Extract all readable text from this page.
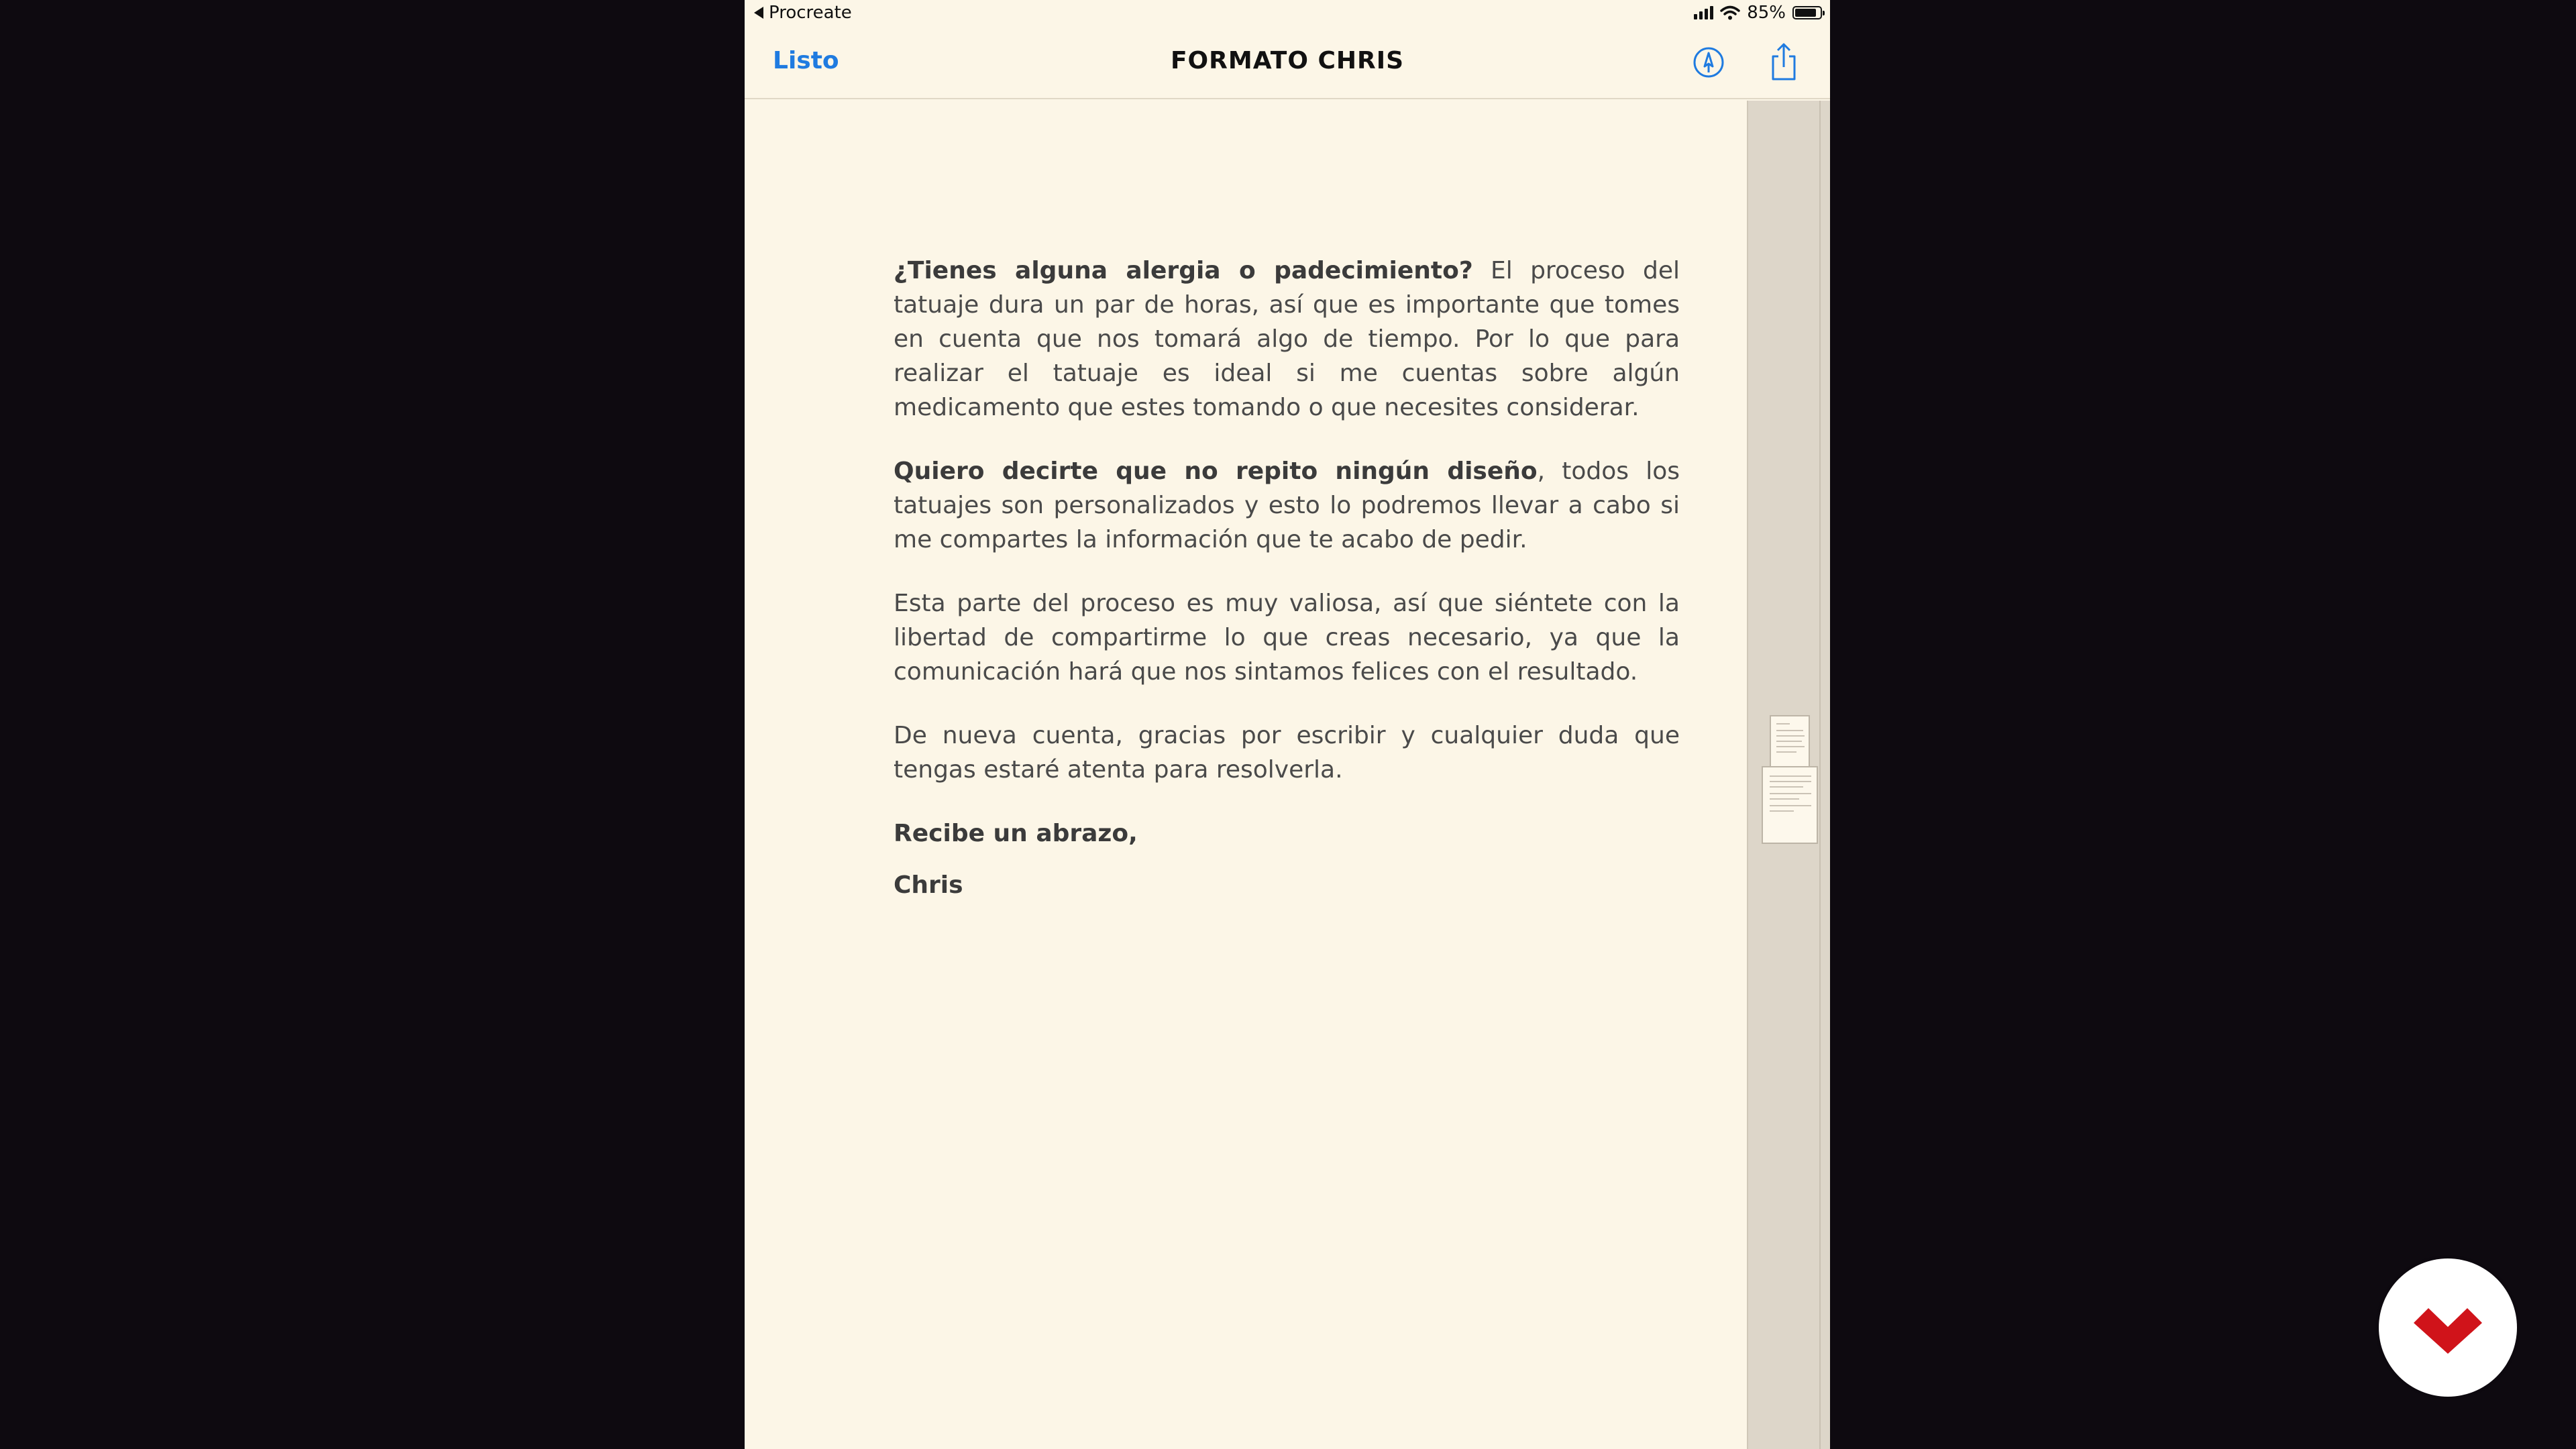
Procreate	85%
Listo	FORMATO CHRIS

¿Tienes alguna alergia o padecimiento? El proceso del tatuaje dura un par de horas, así que es importante que tomes en cuenta que nos tomará algo de tiempo. Por lo que para realizar el tatuaje es ideal si me cuentas sobre algún medicamento que estes tomando o que necesites considerar.

Quiero decirte que no repito ningún diseño, todos los tatuajes son personalizados y esto lo podremos llevar a cabo si me compartes la información que te acabo de pedir.

Esta parte del proceso es muy valiosa, así que siéntete con la libertad de compartirme lo que creas necesario, ya que la comunicación hará que nos sintamos felices con el resultado.

De nueva cuenta, gracias por escribir y cualquier duda que tengas estaré atenta para resolverla.

Recibe un abrazo,

Chris
